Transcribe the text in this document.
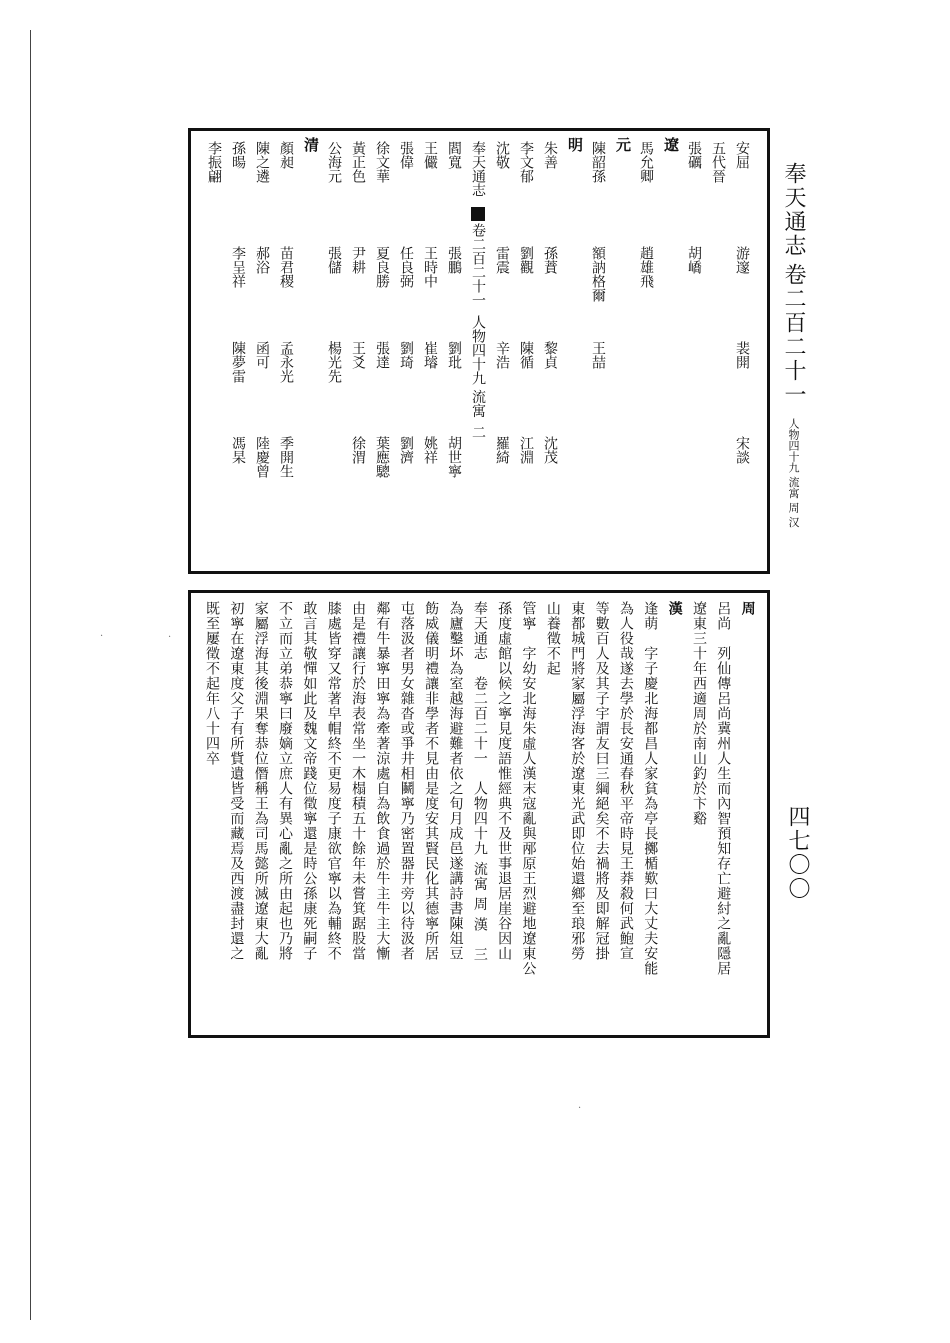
奉天通志 卷二百二十一 人物四十九 流寓 周 汉
四七〇〇
安屈游邃裴開宋談
五代晉
張礪胡嶠
遼
馬允卿趙雄飛
元
陳韶孫額訥格爾王喆
明
朱善孫蕡黎貞沈茂
李文郁劉觀陳循江淵
沈敬雷震辛浩羅綺
奉天通志卷二百二十一人物四十九 流寓二
閻寬張鵬劉玭胡世寧
王儼王時中崔璿姚祥
張偉任良弼劉琦劉濟
徐文華夏良勝張達葉應驄
黃正色尹耕王爻徐渭
公海元張儲楊光先
清
顏昶苗君稷孟永光季開生
陳之遴郝浴函可陸慶曾
孫暘李呈祥陳夢雷馮杲
李振翩
周
呂尚　列仙傳呂尚冀州人生而內智預知存亡避紂之亂隱居
遼東三十年西適周於南山釣於卞谿
漢
逢萌　字子慶北海都昌人家貧為亭長擲楯歎曰大丈夫安能
為人役哉遂去學於長安通春秋平帝時見王莽殺何武鮑宣
等數百人及其子宇謂友曰三綱絕矣不去禍將及即解冠掛
東都城門將家屬浮海客於遼東光武即位始還鄉至琅邪勞
山養徵不起
管寧　字幼安北海朱虛人漢末寇亂與邴原王烈避地遼東公
孫度虛館以候之寧見度語惟經典不及世事退居崖谷因山
奉天通志　卷二百二十一　人物四十九 流寓 周 漢　三
為廬鑿坏為室越海避難者依之旬月成邑遂講詩書陳俎豆
飭威儀明禮讓非學者不見由是度安其賢民化其德寧所居
屯落汲者男女雜沓或爭井相鬭寧乃密置器井旁以待汲者
鄰有牛暴寧田寧為牽著涼處自為飲食過於牛主牛主大慚
由是禮讓行於海表常坐一木榻積五十餘年未嘗箕踞股當
膝處皆穿又常著皁帽終不更易度子康欲官寧以為輔終不
敢言其敬憚如此及魏文帝踐位徵寧還是時公孫康死嗣子
不立而立弟恭寧曰廢嫡立庶人有異心亂之所由起也乃將
家屬浮海其後淵果奪恭位僭稱王為司馬懿所滅遼東大亂
初寧在遼東度父子有所貲遺皆受而藏焉及西渡盡封還之
既至屢徵不起年八十四卒
·	·
·
